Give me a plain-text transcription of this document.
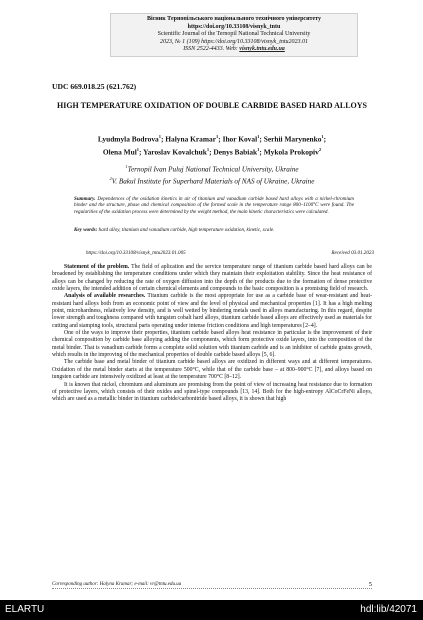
Вісник Тернопільського національного технічного університету
https://doi.org/10.33108/visnyk_tntu
Scientific Journal of the Ternopil National Technical University
2023, № 1 (109) https://doi.org/10.33108/visnyk_tntu2023.01
ISSN 2522-4433. Web: visnyk.tntu.edu.ua
UDC 669.018.25 (621.762)
HIGH TEMPERATURE OXIDATION OF DOUBLE CARBIDE BASED HARD ALLOYS
Lyudmyla Bodrova$^1$; Halyna Kramar$^1$; Ihor Koval$^1$; Serhii Marynenko$^1$;
Olena Mul$^1$; Yaroslav Kovalchuk$^1$; Denys Babiak$^1$; Mykola Prokopiv$^2$
$^1$Ternopil Ivan Puluj National Technical University, Ukraine
$^2$V. Bakul Institute for Superhard Materials of NAS of Ukraine, Ukraine
Summary. Dependences of the oxidation kinetics in air of titanium and vanadium carbide based hard alloys with a nickel-chromium binder and the structure, phase and chemical composition of the formed scale in the temperature range 800–1100°С were found. The regularities of the oxidation process were determined by the weight method, the main kinetic characteristics were calculated.
Key words: hard alloy, titanium and vanadium carbide, high temperature oxidation, kinetic, scale.
https://doi.org/10.33108/visnyk_tntu2023.01.005	Received 03.01.2023

Statement of the problem. The field of aplication and the service temperature range of titanium carbide based hard alloys can be broadened by establishing the temperature conditions under which they maintain their exploitation stability. Since the heat resistance of alloys can be changed by reducing the rate of oxygen diffusion into the depth of the products due to the formation of dense protective oxide layers, the intended addition of certain chemical elements and compounds to the basic composition is a promising field of research.

Analysis of available researches. Titanium carbide is the most appropriate for use as a carbide base of wear-resistant and heat-resistant hard alloys both from an economic point of view and the level of physical and mechanical properties [1]. It has a high melting point, microhardness, relatively low density, and is well wetted by bindering metals used in alloys manufacturing. In this regard, despite lower strength and toughness compared with tungsten cobalt hard alloys, titanium carbide based alloys are effectively used as materials for cutting and stamping tools, structural parts operating under intense friction conditions and high temperatures [2–4].

One of the ways to improve their properties, titanium carbide based alloys heat resistance in particular is the improvement of their chemical composition by carbide base alloying adding the components, which form protective oxide layers, into the composition of the metal binder. That is vanadium carbide forms a complete solid solution with titanium carbide and is an inhibitor of carbide grains growth, which results in the improving of the mechanical properties of double carbide based alloys [5, 6].

The carbide base and metal binder of titanium carbide based alloys are oxidized in different ways and at different temperatures. Oxidation of the metal binder starts at the temperature 500°С, while that of the carbide base – at 800–900°С [7], and alloys based on tungsten carbide are intensively oxidized at least at the temperature 700°С [8–12].

It is known that nickel, chromium and aluminum are promising from the point of view of increasing heat resistance due to formation of protective layers, which consists of their oxides and spinel-type compounds [13, 14]. Both for the high-entropy AlCoCrFeNi alloys, which are used as a metallic binder in titanium carbide/carbonitride based alloys, it is shown that high

Corresponding author: Halyna Kramar; e-mail: vr@tntu.edu.ua	5
ELARTU	hdl:lib/42071
